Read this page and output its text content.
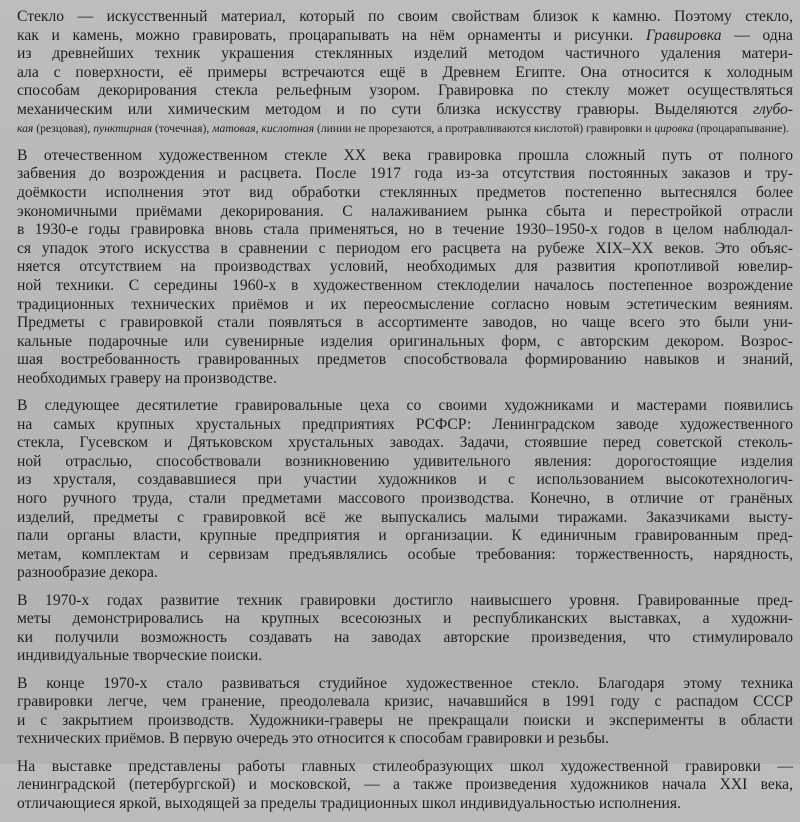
Стекло — искусственный материал, который по своим свойствам близок к камню. Поэтому стекло,
как и камень, можно гравировать, процарапывать на нём орнаменты и рисунки. Гравировка — одна
из древнейших техник украшения стеклянных изделий методом частичного удаления матери-
ала с поверхности, её примеры встречаются ещё в Древнем Египте. Она относится к холодным
способам декорирования стекла рельефным узором. Гравировка по стеклу может осуществляться
механическим или химическим методом и по сути близка искусству гравюры. Выделяются глубо-
кая (резцовая), пунктирная (точечная), матовая, кислотная (линии не прорезаются, а протравливаются кислотой) гравировки и цировка (процарапывание).
В отечественном художественном стекле XX века гравировка прошла сложный путь от полного
забвения до возрождения и расцвета. После 1917 года из-за отсутствия постоянных заказов и тру-
дoёмкости исполнения этот вид обработки стеклянных предметов постепенно вытеснялся более
экономичными приёмами декорирования. С налаживанием рынка сбыта и перестройкой отрасли
в 1930-е годы гравировка вновь стала применяться, но в течение 1930–1950-х годов в целом наблюдал-
ся упадок этого искусства в сравнении с периодом его расцвета на рубеже XIX–XX веков. Это объяс-
няется отсутствием на производствах условий, необходимых для развития кропотливой ювелир-
ной техники. С середины 1960-х в художественном стеклоделии началось постепенное возрождение
традиционных технических приёмов и их переосмысление согласно новым эстетическим веяниям.
Предметы с гравировкой стали появляться в ассортименте заводов, но чаще всего это были уни-
кальные подарочные или сувенирные изделия оригинальных форм, с авторским декором. Возрос-
шая востребованность гравированных предметов способствовала формированию навыков и знаний,
необходимых граверу на производстве.
В следующее десятилетие гравировальные цеха со своими художниками и мастерами появились
на самых крупных хрустальных предприятиях РСФСР: Ленинградском заводе художественного
стекла, Гусевском и Дятьковском хрустальных заводах. Задачи, стоявшие перед советской стеколь-
ной отраслью, способствовали возникновению удивительного явления: дорогостоящие изделия
из хрусталя, создававшиеся при участии художников и с использованием высокотехнологич-
ного ручного труда, стали предметами массового производства. Конечно, в отличие от гранёных
изделий, предметы с гравировкой всё же выпускались малыми тиражами. Заказчиками высту-
пали органы власти, крупные предприятия и организации. К единичным гравированным пред-
метам, комплектам и сервизам предъявлялись особые требования: торжественность, нарядность,
разнообразие декора.
В 1970-х годах развитие техник гравировки достигло наивысшего уровня. Гравированные пред-
меты демонстрировались на крупных всесоюзных и республиканских выставках, а художни-
ки получили возможность создавать на заводах авторские произведения, что стимулировало
индивидуальные творческие поиски.
В конце 1970-х стало развиваться студийное художественное стекло. Благодаря этому техника
гравировки легче, чем гранение, преодолевала кризис, начавшийся в 1991 году с распадом СССР
и с закрытием производств. Художники-граверы не прекращали поиски и эксперименты в области
технических приёмов. В первую очередь это относится к способам гравировки и резьбы.
На выставке представлены работы главных стилеобразующих школ художественной гравировки —
ленинградской (петербургской) и московской, — а также произведения художников начала XXI века,
отличающиеся яркой, выходящей за пределы традиционных школ индивидуальностью исполнения.
